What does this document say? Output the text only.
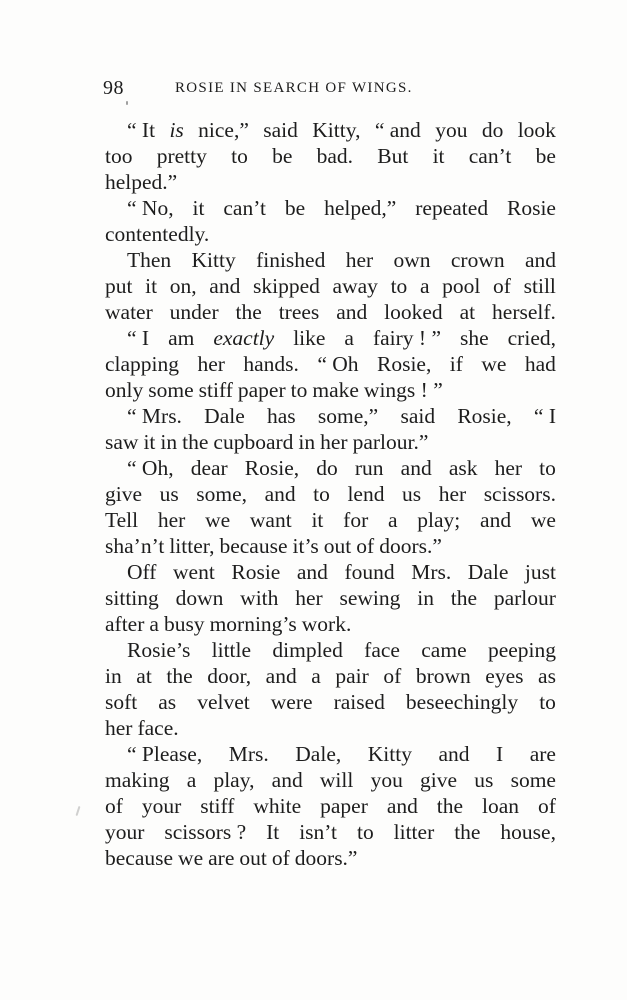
98	ROSIE IN SEARCH OF WINGS.
“ It is nice,” said Kitty, “ and you do look
too pretty to be bad. But it can’t be
helped.”
“ No, it can’t be helped,” repeated Rosie
contentedly.
Then Kitty finished her own crown and
put it on, and skipped away to a pool of still
water under the trees and looked at herself.
“ I am exactly like a fairy ! ” she cried,
clapping her hands. “ Oh Rosie, if we had
only some stiff paper to make wings ! ”
“ Mrs. Dale has some,” said Rosie, “ I
saw it in the cupboard in her parlour.”
“ Oh, dear Rosie, do run and ask her to
give us some, and to lend us her scissors.
Tell her we want it for a play; and we
sha’n’t litter, because it’s out of doors.”
Off went Rosie and found Mrs. Dale just
sitting down with her sewing in the parlour
after a busy morning’s work.
Rosie’s little dimpled face came peeping
in at the door, and a pair of brown eyes as
soft as velvet were raised beseechingly to
her face.
“ Please, Mrs. Dale, Kitty and I are
making a play, and will you give us some
of your stiff white paper and the loan of
your scissors ? It isn’t to litter the house,
because we are out of doors.”
